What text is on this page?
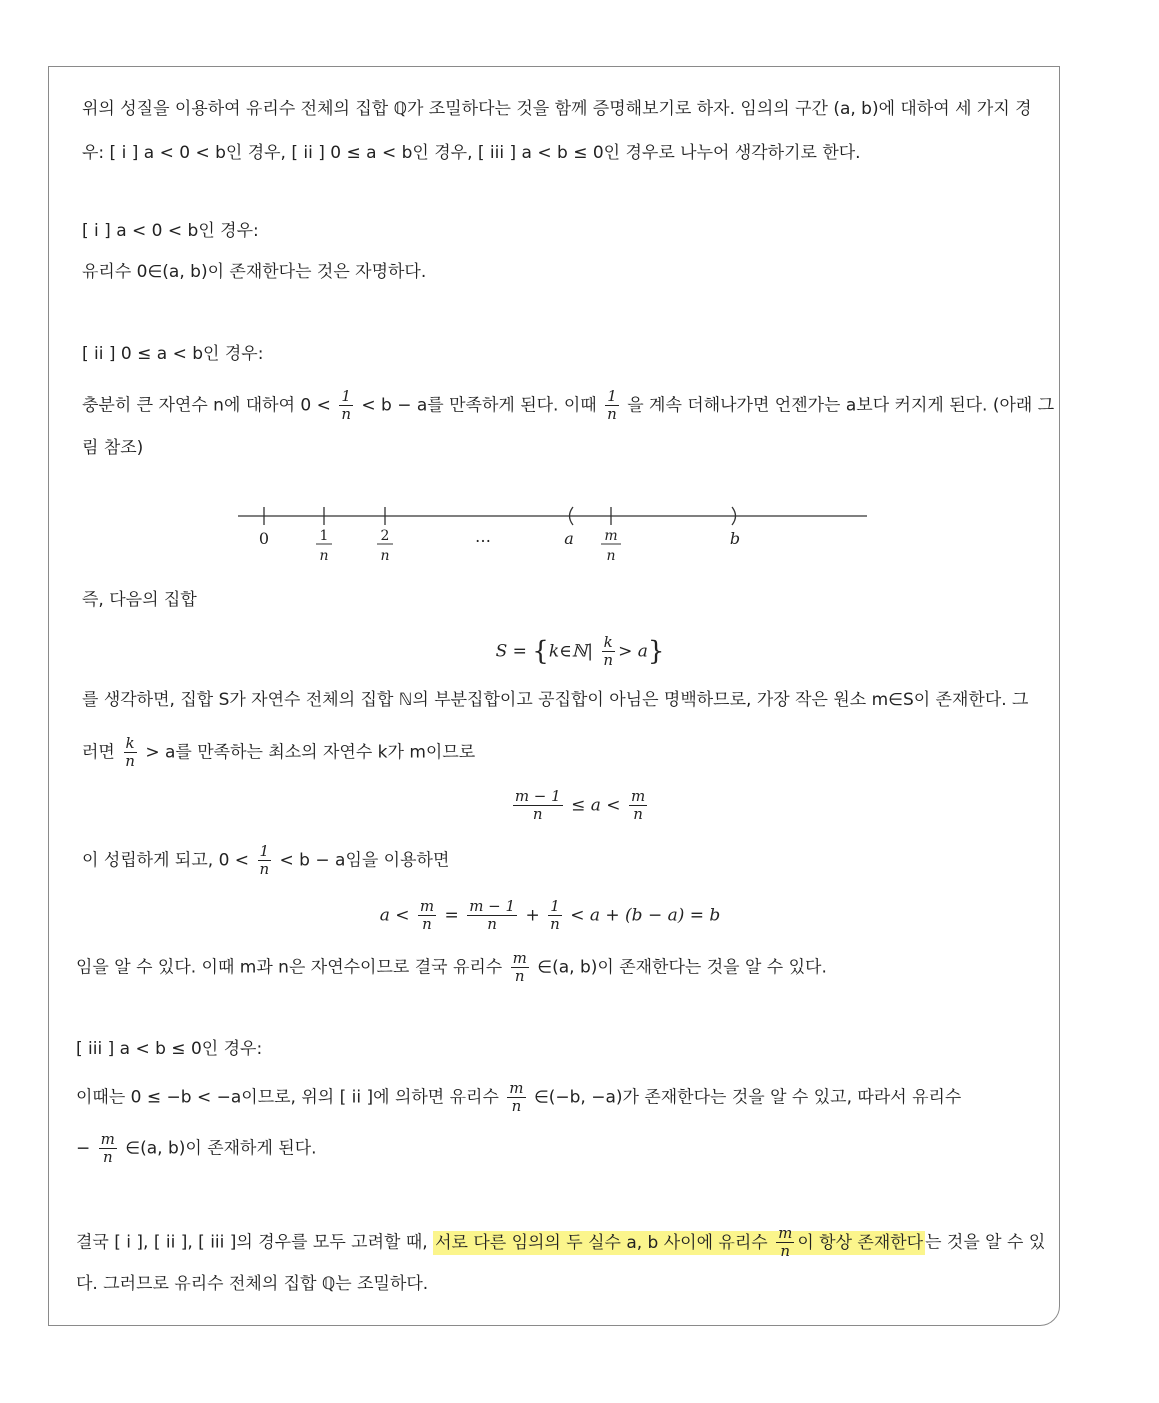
위의 성질을 이용하여 유리수 전체의 집합 ℚ가 조밀하다는 것을 함께 증명해보기로 하자. 임의의 구간 (a, b)에 대하여 세 가지 경
우: [ i ] a < 0 < b인 경우, [ ii ] 0 ≤ a < b인 경우, [ iii ] a < b ≤ 0인 경우로 나누어 생각하기로 한다.
[ i ] a < 0 < b인 경우:
유리수 0∈(a, b)이 존재한다는 것은 자명하다.
[ ii ] 0 ≤ a < b인 경우:
충분히 큰 자연수 n에 대하여 $0 < \frac{1}{n} < b - a$를 만족하게 된다. 이때 $\frac{1}{n}$ 을 계속 더해나가면 언젠가는 a보다 커지게 된다. (아래 그
림 참조)
0	1
n
2
n
…	a m
n
b
즉, 다음의 집합
S = {k∈ℕ| $\frac{k}{n} > a$}
를 생각하면, 집합 S가 자연수 전체의 집합 ℕ의 부분집합이고 공집합이 아님은 명백하므로, 가장 작은 원소 m∈S이 존재한다. 그
러면 $\frac{k}{n} > a$를 만족하는 최소의 자연수 k가 m이므로
$\frac{m - 1}{n} \le a < \frac{m}{n}$
이 성립하게 되고, $0 < \frac{1}{n} < b - a$임을 이용하면
$a < \frac{m}{n} = \frac{m - 1}{n} + \frac{1}{n} < a + (b - a) = b$
임을 알 수 있다. 이때 m과 n은 자연수이므로 결국 유리수 $\frac{m}{n}$ ∈(a, b)이 존재한다는 것을 알 수 있다.
[ iii ] a < b ≤ 0인 경우:
이때는 0 ≤ −b < −a이므로, 위의 [ ii ]에 의하면 유리수 $\frac{m}{n}$ ∈(−b, −a)가 존재한다는 것을 알 수 있고, 따라서 유리수
− $\frac{m}{n}$ ∈(a, b)이 존재하게 된다.
결국 [ i ], [ ii ], [ iii ]의 경우를 모두 고려할 때, 서로 다른 임의의 두 실수 a, b 사이에 유리수 $\frac{m}{n}$ 이 항상 존재한다 는 것을 알 수 있
다. 그러므로 유리수 전체의 집합 ℚ는 조밀하다.
